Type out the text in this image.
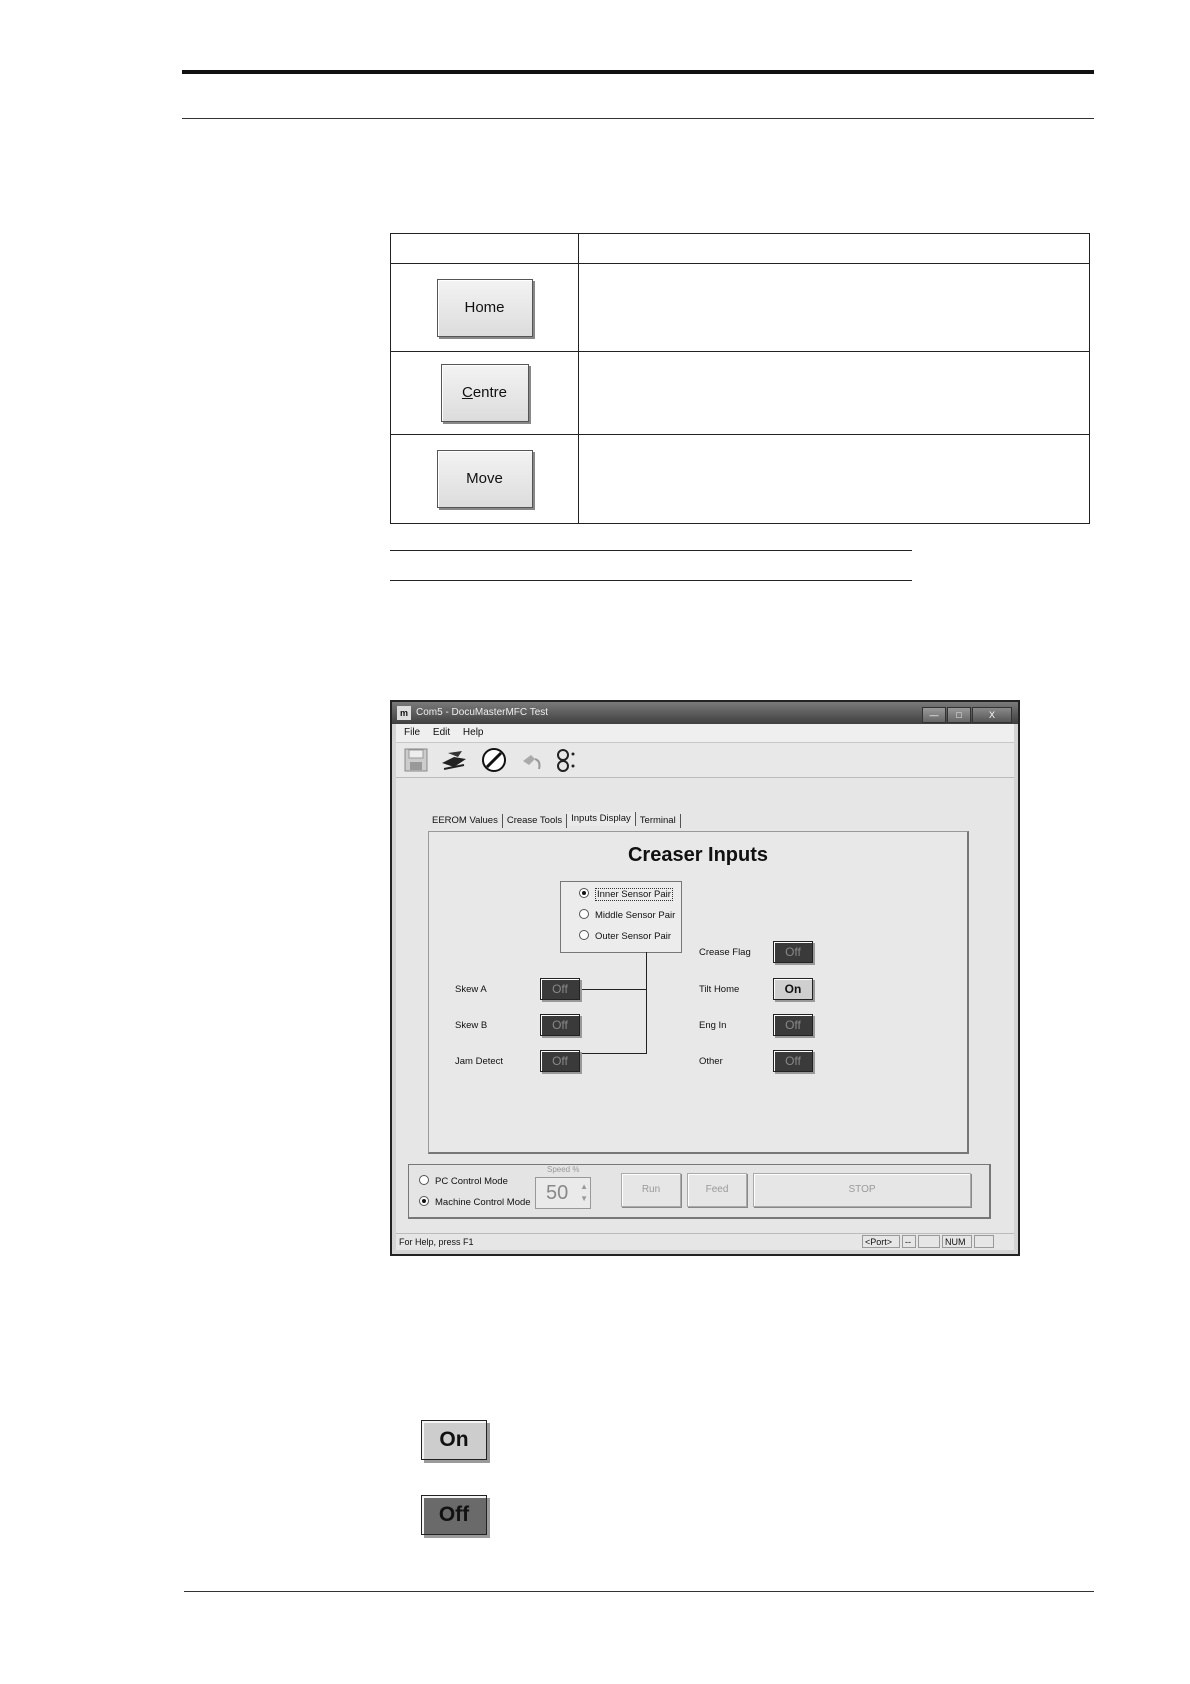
Home	
Centre	
Move	
m Com5 - DocuMasterMFC Test	— □	X
File Edit Help
EEROM Values Crease Tools Inputs Display Terminal
Creaser Inputs
Inner Sensor Pair
Middle Sensor Pair
Outer Sensor Pair
Skew A	Off
Skew B	Off
Jam Detect	Off
Crease Flag	Off
Tilt Home	On
Eng In	Off
Other	Off
PC Control Mode
Machine Control Mode
Speed %
50 ▲
▼
Run	Feed	STOP
For Help, press F1	<Port>	--	NUM
On
Off
